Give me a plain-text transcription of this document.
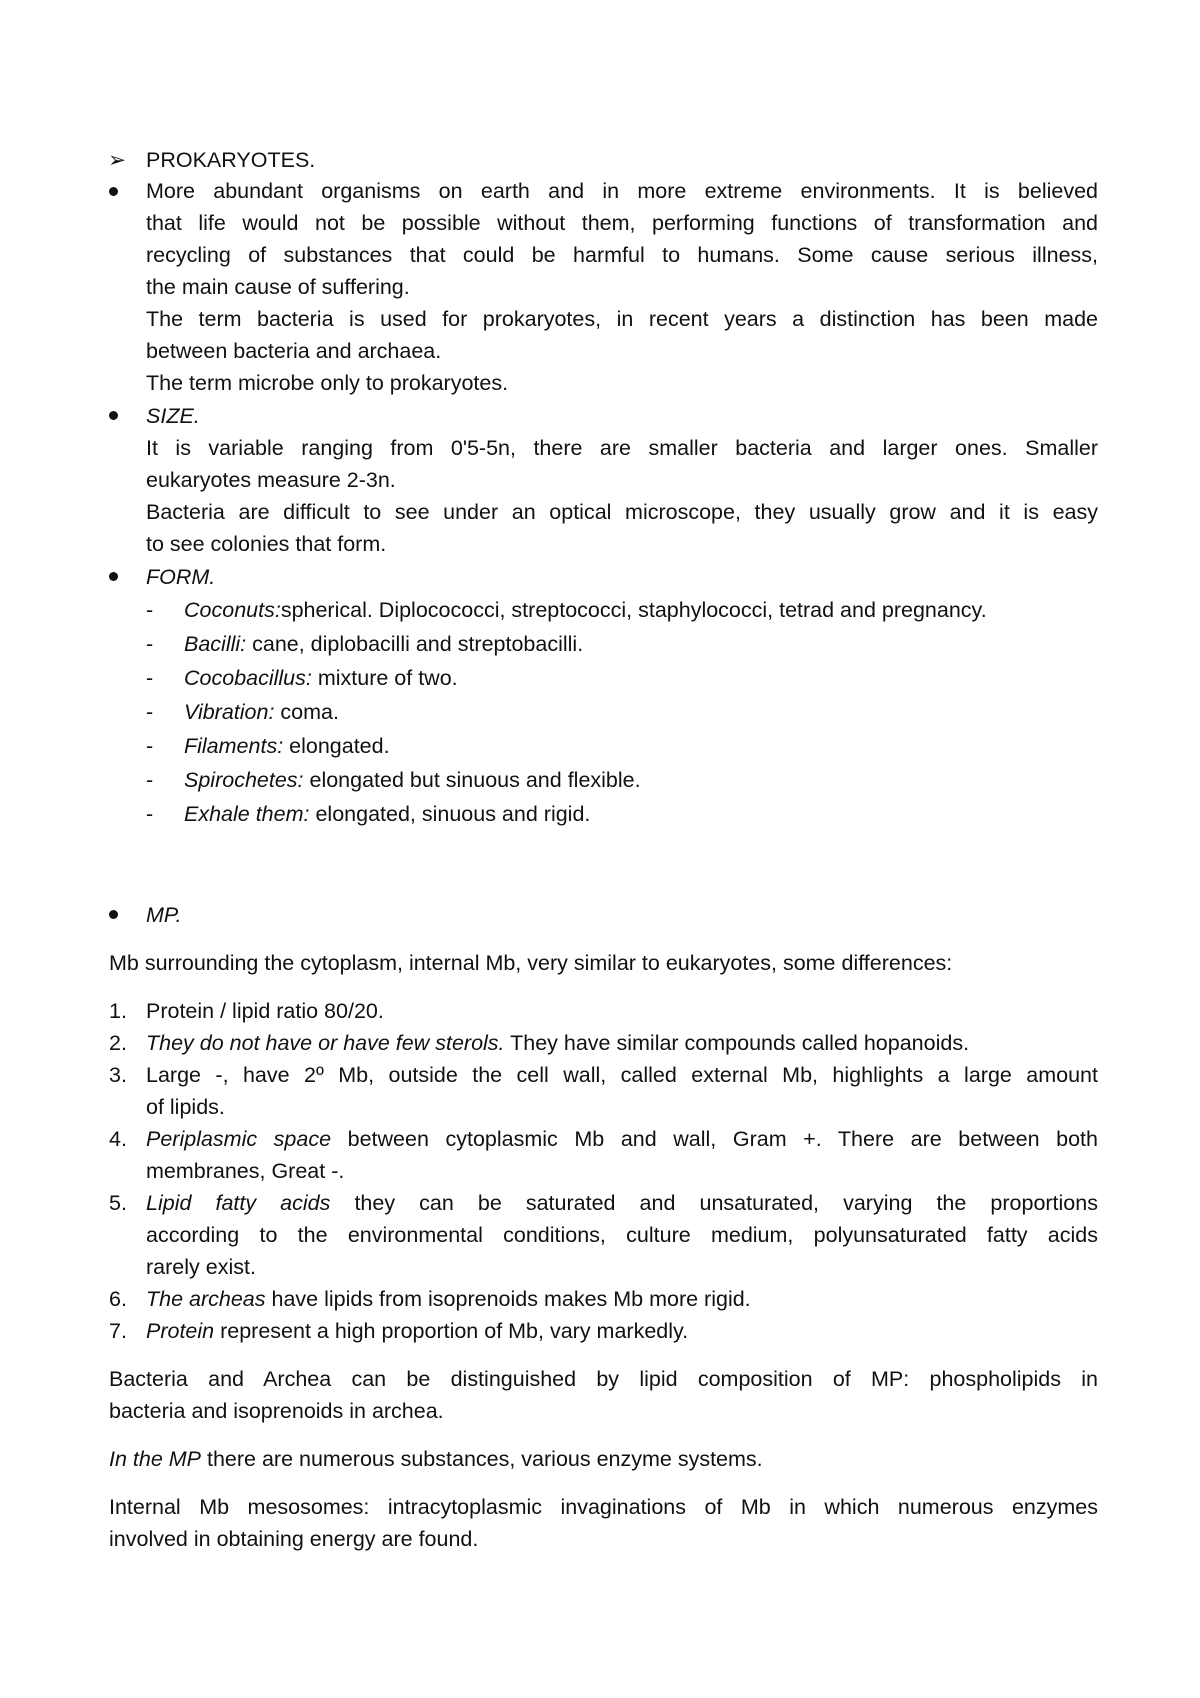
➢ PROKARYOTES.
More abundant organisms on earth and in more extreme environments. It is believed
that life would not be possible without them, performing functions of transformation and
recycling of substances that could be harmful to humans. Some cause serious illness,
the main cause of suffering.
The term bacteria is used for prokaryotes, in recent years a distinction has been made
between bacteria and archaea.
The term microbe only to prokaryotes.
SIZE.
It is variable ranging from 0'5-5n, there are smaller bacteria and larger ones. Smaller
eukaryotes measure 2-3n.
Bacteria are difficult to see under an optical microscope, they usually grow and it is easy
to see colonies that form.
FORM.
- Coconuts:spherical. Diplocococci, streptococci, staphylococci, tetrad and pregnancy.
- Bacilli: cane, diplobacilli and streptobacilli.
- Cocobacillus: mixture of two.
- Vibration: coma.
- Filaments: elongated.
- Spirochetes: elongated but sinuous and flexible.
- Exhale them: elongated, sinuous and rigid.
MP.
Mb surrounding the cytoplasm, internal Mb, very similar to eukaryotes, some differences:
1. Protein / lipid ratio 80/20.
2. They do not have or have few sterols. They have similar compounds called hopanoids.
3. Large -, have 2º Mb, outside the cell wall, called external Mb, highlights a large amount
of lipids.
4. Periplasmic space between cytoplasmic Mb and wall, Gram +. There are between both
membranes, Great -.
5. Lipid fatty acids they can be saturated and unsaturated, varying the proportions
according to the environmental conditions, culture medium, polyunsaturated fatty acids
rarely exist.
6. The archeas have lipids from isoprenoids makes Mb more rigid.
7. Protein represent a high proportion of Mb, vary markedly.
Bacteria and Archea can be distinguished by lipid composition of MP: phospholipids in
bacteria and isoprenoids in archea.
In the MP there are numerous substances, various enzyme systems.
Internal Mb mesosomes: intracytoplasmic invaginations of Mb in which numerous enzymes
involved in obtaining energy are found.
